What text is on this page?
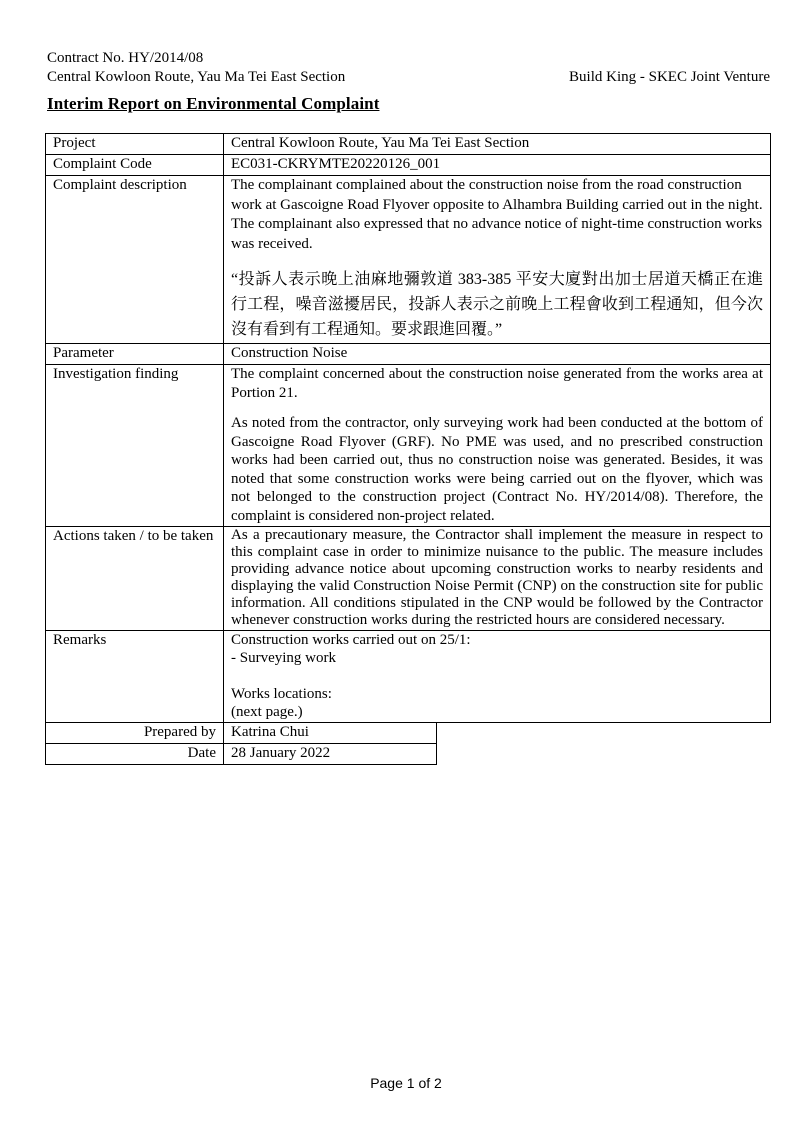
Contract No. HY/2014/08
Central Kowloon Route, Yau Ma Tei East Section	Build King - SKEC Joint Venture
Interim Report on Environmental Complaint
Project	Central Kowloon Route, Yau Ma Tei East Section
Complaint Code	EC031-CKRYMTE20220126_001
Complaint description	The complainant complained about the construction noise from the road construction work at Gascoigne Road Flyover opposite to Alhambra Building carried out in the night. The complainant also expressed that no advance notice of night-time construction works was received.

“投訴人表示晚上油麻地彌敦道 383-385 平安大廈對出加士居道天橋正在進行工程，噪音滋擾居民，投訴人表示之前晚上工程會收到工程通知，但今次沒有看到有工程通知。要求跟進回覆。”

Parameter	Construction Noise
Investigation finding	The complaint concerned about the construction noise generated from the works area at Portion 21.

As noted from the contractor, only surveying work had been conducted at the bottom of Gascoigne Road Flyover (GRF). No PME was used, and no prescribed construction works had been carried out, thus no construction noise was generated. Besides, it was noted that some construction works were being carried out on the flyover, which was not belonged to the construction project (Contract No. HY/2014/08). Therefore, the complaint is considered non-project related.

Actions taken / to be taken	As a precautionary measure, the Contractor shall implement the measure in respect to this complaint case in order to minimize nuisance to the public. The measure includes providing advance notice about upcoming construction works to nearby residents and displaying the valid Construction Noise Permit (CNP) on the construction site for public information. All conditions stipulated in the CNP would be followed by the Contractor whenever construction works during the restricted hours are considered necessary.

Remarks	Construction works carried out on 25/1:

- Surveying work

Works locations:

(next page.)

Prepared by	Katrina Chui
Date	28 January 2022
Page 1 of 2
